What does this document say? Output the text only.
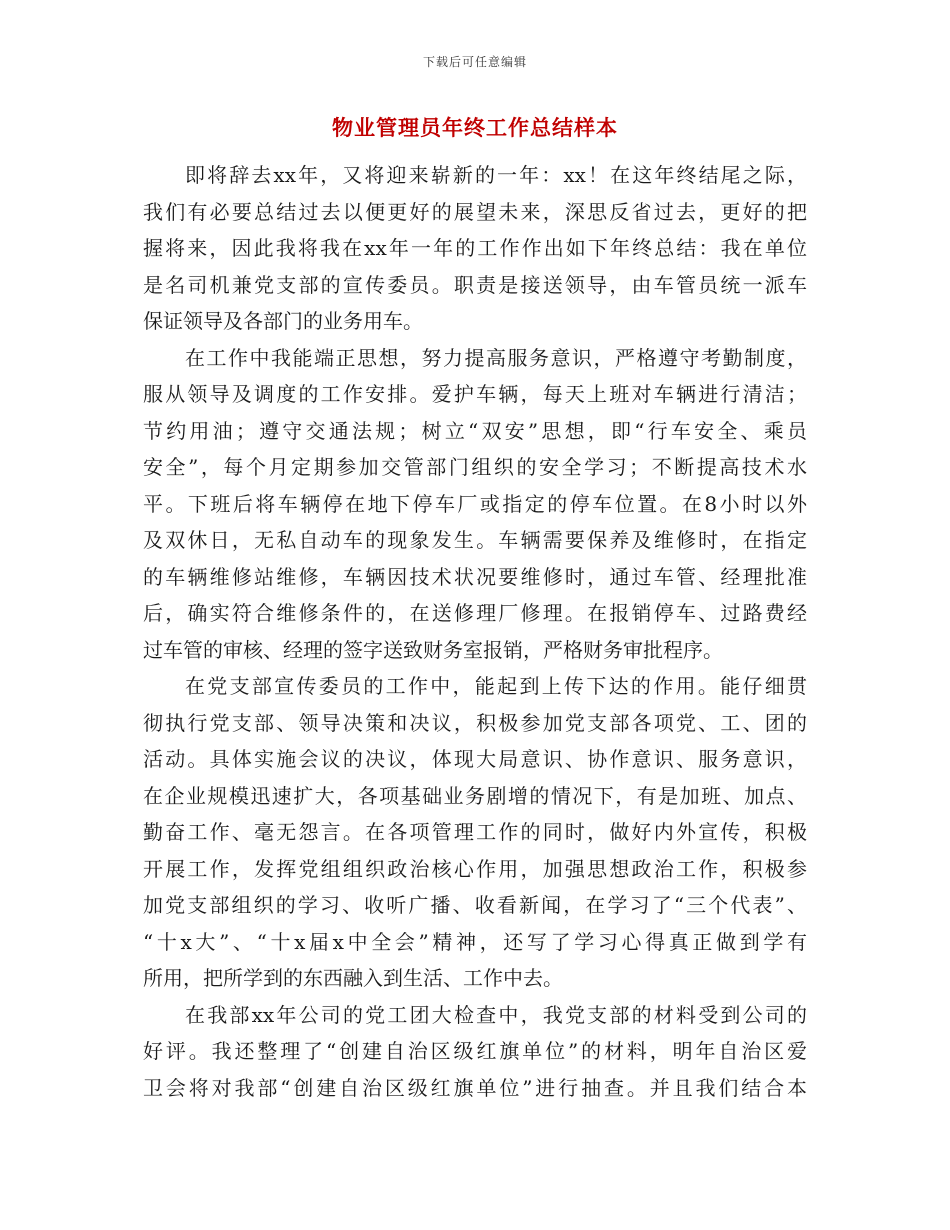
下载后可任意编辑
物业管理员年终工作总结样本
即将辞去xx年，又将迎来崭新的一年：xx！在这年终结尾之际，
我们有必要总结过去以便更好的展望未来，深思反省过去，更好的把
握将来，因此我将我在xx年一年的工作作出如下年终总结：我在单位
是名司机兼党支部的宣传委员。职责是接送领导，由车管员统一派车
保证领导及各部门的业务用车。
在工作中我能端正思想，努力提高服务意识，严格遵守考勤制度，
服从领导及调度的工作安排。爱护车辆，每天上班对车辆进行清洁；
节约用油；遵守交通法规；树立“双安”思想，即“行车安全、乘员
安全”，每个月定期参加交管部门组织的安全学习；不断提高技术水
平。下班后将车辆停在地下停车厂或指定的停车位置。在8小时以外
及双休日，无私自动车的现象发生。车辆需要保养及维修时，在指定
的车辆维修站维修，车辆因技术状况要维修时，通过车管、经理批准
后，确实符合维修条件的，在送修理厂修理。在报销停车、过路费经
过车管的审核、经理的签字送致财务室报销，严格财务审批程序。
在党支部宣传委员的工作中，能起到上传下达的作用。能仔细贯
彻执行党支部、领导决策和决议，积极参加党支部各项党、工、团的
活动。具体实施会议的决议，体现大局意识、协作意识、服务意识，
在企业规模迅速扩大，各项基础业务剧增的情况下，有是加班、加点、
勤奋工作、毫无怨言。在各项管理工作的同时，做好内外宣传，积极
开展工作，发挥党组组织政治核心作用，加强思想政治工作，积极参
加党支部组织的学习、收听广播、收看新闻，在学习了“三个代表”、
“十x大”、“十x届x中全会”精神，还写了学习心得真正做到学有
所用，把所学到的东西融入到生活、工作中去。
在我部xx年公司的党工团大检查中，我党支部的材料受到公司的
好评。我还整理了“创建自治区级红旗单位”的材料，明年自治区爱
卫会将对我部“创建自治区级红旗单位”进行抽查。并且我们结合本
